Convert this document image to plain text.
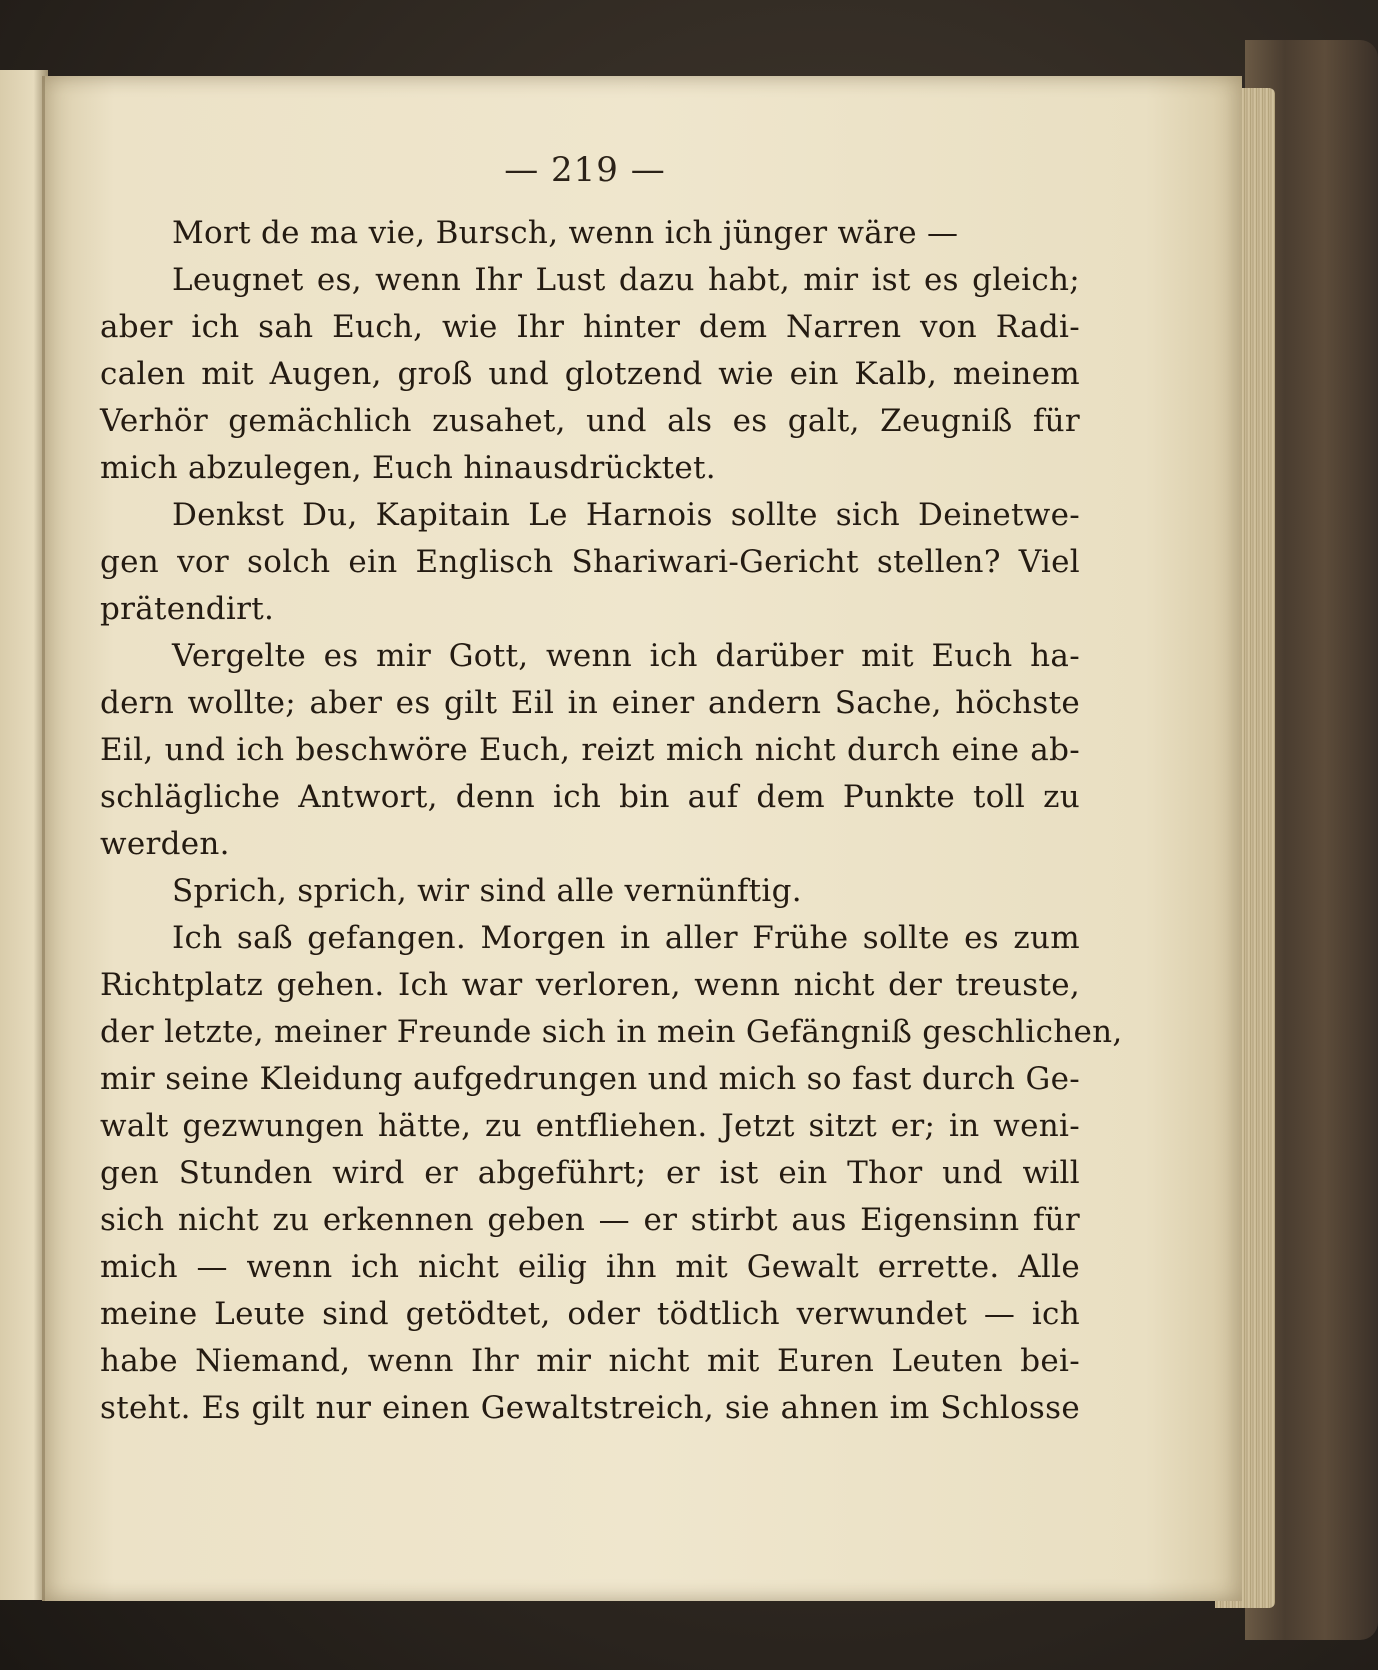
— 219 —
Mort de ma vie, Bursch, wenn ich jünger wäre —
Leugnet es, wenn Ihr Lust dazu habt, mir ist es gleich;
aber ich sah Euch, wie Ihr hinter dem Narren von Radi-
calen mit Augen, groß und glotzend wie ein Kalb, meinem
Verhör gemächlich zusahet, und als es galt, Zeugniß für
mich abzulegen, Euch hinausdrücktet.
Denkst Du, Kapitain Le Harnois sollte sich Deinetwe-
gen vor solch ein Englisch Shariwari-Gericht stellen? Viel
prätendirt.
Vergelte es mir Gott, wenn ich darüber mit Euch ha-
dern wollte; aber es gilt Eil in einer andern Sache, höchste
Eil, und ich beschwöre Euch, reizt mich nicht durch eine ab-
schlägliche Antwort, denn ich bin auf dem Punkte toll zu
werden.
Sprich, sprich, wir sind alle vernünftig.
Ich saß gefangen. Morgen in aller Frühe sollte es zum
Richtplatz gehen. Ich war verloren, wenn nicht der treuste,
der letzte, meiner Freunde sich in mein Gefängniß geschlichen,
mir seine Kleidung aufgedrungen und mich so fast durch Ge-
walt gezwungen hätte, zu entfliehen. Jetzt sitzt er; in weni-
gen Stunden wird er abgeführt; er ist ein Thor und will
sich nicht zu erkennen geben — er stirbt aus Eigensinn für
mich — wenn ich nicht eilig ihn mit Gewalt errette. Alle
meine Leute sind getödtet, oder tödtlich verwundet — ich
habe Niemand, wenn Ihr mir nicht mit Euren Leuten bei-
steht. Es gilt nur einen Gewaltstreich, sie ahnen im Schlosse
